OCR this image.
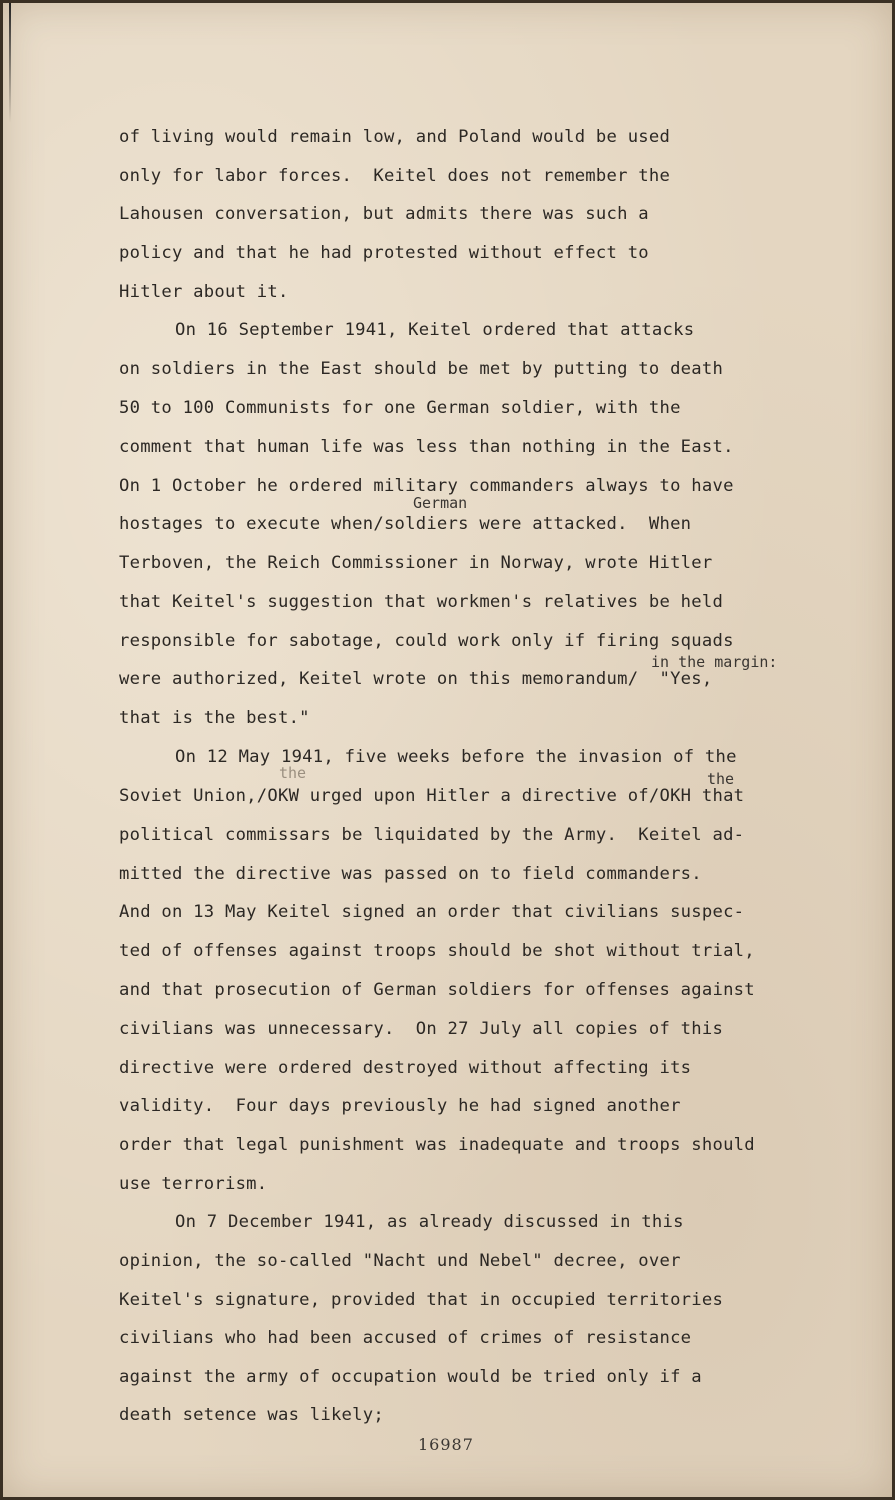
of living would remain low, and Poland would be used

only for labor forces.  Keitel does not remember the

Lahousen conversation, but admits there was such a

policy and that he had protested without effect to

Hitler about it.

On 16 September 1941, Keitel ordered that attacks

on soldiers in the East should be met by putting to death

50 to 100 Communists for one German soldier, with the

comment that human life was less than nothing in the East.

On 1 October he ordered military commanders always to have

German

hostages to execute when/soldiers were attacked.  When

Terboven, the Reich Commissioner in Norway, wrote Hitler

that Keitel's suggestion that workmen's relatives be held

responsible for sabotage, could work only if firing squads

in the margin:

were authorized, Keitel wrote on this memorandum/  "Yes,

that is the best."

On 12 May 1941, five weeks before the invasion of the

the	the

Soviet Union,/OKW urged upon Hitler a directive of/OKH that

political commissars be liquidated by the Army.  Keitel ad-

mitted the directive was passed on to field commanders.

And on 13 May Keitel signed an order that civilians suspec-

ted of offenses against troops should be shot without trial,

and that prosecution of German soldiers for offenses against

civilians was unnecessary.  On 27 July all copies of this

directive were ordered destroyed without affecting its

validity.  Four days previously he had signed another

order that legal punishment was inadequate and troops should

use terrorism.

On 7 December 1941, as already discussed in this

opinion, the so-called "Nacht und Nebel" decree, over

Keitel's signature, provided that in occupied territories

civilians who had been accused of crimes of resistance

against the army of occupation would be tried only if a

death setence was likely;

16987
